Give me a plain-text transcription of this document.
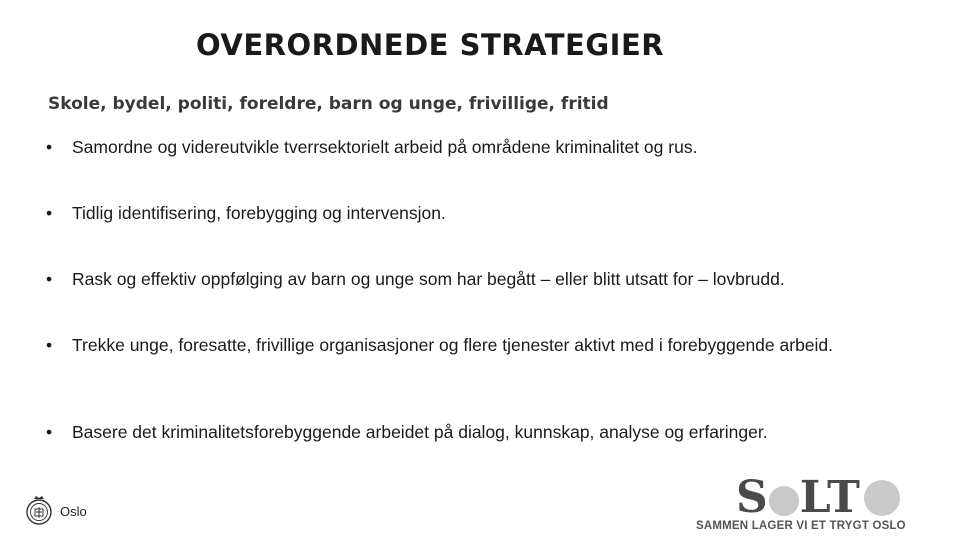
OVERORDNEDE STRATEGIER
Skole, bydel, politi, foreldre, barn og unge, frivillige, fritid
•	Samordne og videreutvikle tverrsektorielt arbeid på områdene kriminalitet og rus.
•	Tidlig identifisering, forebygging og intervensjon.
•	Rask og effektiv oppfølging av barn og unge som har begått – eller blitt utsatt for – lovbrudd.
•	Trekke unge, foresatte, frivillige organisasjoner og flere tjenester aktivt med i forebyggende arbeid.
•	Basere det kriminalitetsforebyggende arbeidet på dialog, kunnskap, analyse og erfaringer.
Oslo	S LT
SAMMEN LAGER VI ET TRYGT OSLO
